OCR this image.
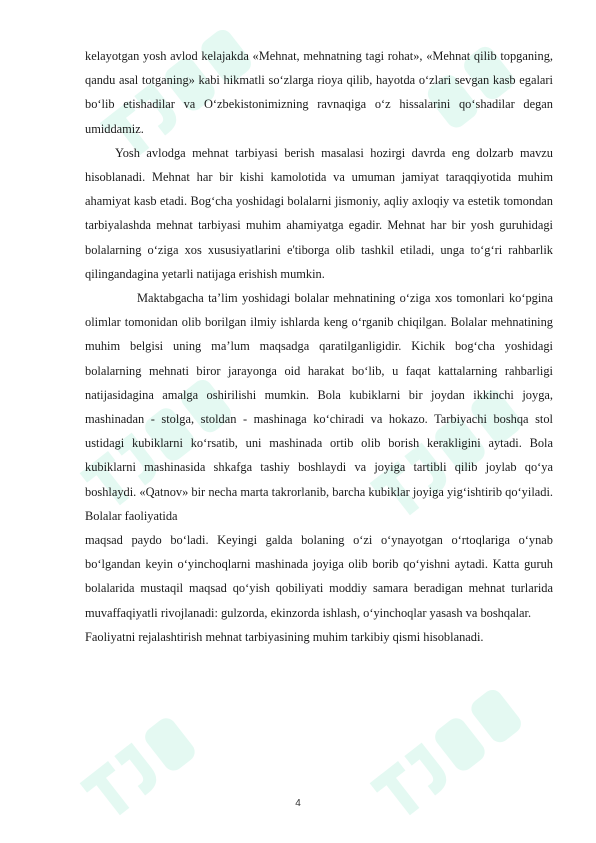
kelayotgan yosh avlod kelajakda «Mehnat, mehnatning tagi rohat», «Mehnat qilib topganing, qandu asal totganing» kabi hikmatli so‘zlarga rioya qilib, hayotda o‘zlari sevgan kasb egalari bo‘lib etishadilar va O‘zbekistonimizning ravnaqiga o‘z hissalarini qo‘shadilar degan umiddamiz.

Yosh avlodga mehnat tarbiyasi berish masalasi hozirgi davrda eng dolzarb mavzu hisoblanadi. Mehnat har bir kishi kamolotida va umuman jamiyat taraqqiyotida muhim ahamiyat kasb etadi. Bog‘cha yoshidagi bolalarni jismoniy, aqliy axloqiy va estetik tomondan tarbiyalashda mehnat tarbiyasi muhim ahamiyatga egadir. Mehnat har bir yosh guruhidagi bolalarning o‘ziga xos xususiyatlarini e'tiborga olib tashkil etiladi, unga to‘g‘ri rahbarlik qilingandagina yetarli natijaga erishish mumkin.

Maktabgacha ta’lim yoshidagi bolalar mehnatining o‘ziga xos tomonlari ko‘pgina olimlar tomonidan olib borilgan ilmiy ishlarda keng o‘rganib chiqilgan. Bolalar mehnatining muhim belgisi uning ma’lum maqsadga qaratilganligidir. Kichik bog‘cha yoshidagi bolalarning mehnati biror jarayonga oid harakat bo‘lib, u faqat kattalarning rahbarligi natijasidagina amalga oshirilishi mumkin. Bola kubiklarni bir joydan ikkinchi joyga, mashinadan - stolga, stoldan - mashinaga ko‘chiradi va hokazo. Tarbiyachi boshqa stol ustidagi kubiklarni ko‘rsatib, uni mashinada ortib olib borish kerakligini aytadi. Bola kubiklarni mashinasida shkafga tashiy boshlaydi va joyiga tartibli qilib joylab qo‘ya boshlaydi. «Qatnov» bir necha marta takrorlanib, barcha kubiklar joyiga yig‘ishtirib qo‘yiladi. Bolalar faoliyatida

maqsad paydo bo‘ladi. Keyingi galda bolaning o‘zi o‘ynayotgan o‘rtoqlariga o‘ynab bo‘lgandan keyin o‘yinchoqlarni mashinada joyiga olib borib qo‘yishni aytadi. Katta guruh bolalarida mustaqil maqsad qo‘yish qobiliyati moddiy samara beradigan mehnat turlarida muvaffaqiyatli rivojlanadi: gulzorda, ekinzorda ishlash, o‘yinchoqlar yasash va boshqalar.

Faoliyatni rejalashtirish mehnat tarbiyasining muhim tarkibiy qismi hisoblanadi.

4
